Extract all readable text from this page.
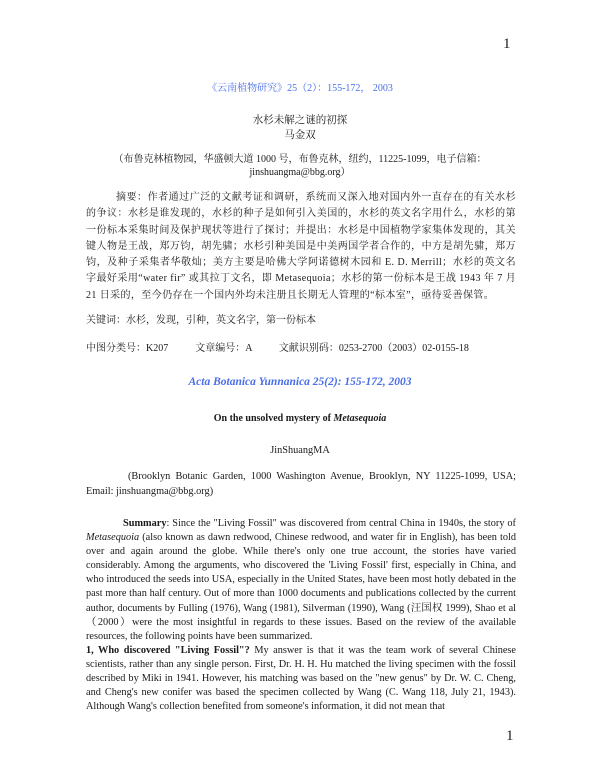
1
《云南植物研究》25（2）：155-172， 2003
水杉未解之谜的初探
马金双
（布鲁克林植物园，华盛顿大道 1000 号，布鲁克林，纽约，11225-1099，电子信箱：
jinshuangma@bbg.org）
摘要：作者通过广泛的文献考证和调研，系统而又深入地对国内外一直存在的有关水杉的争议：水杉是谁发现的，水杉的种子是如何引入美国的，水杉的英文名字用什么，水杉的第一份标本采集时间及保护现状等进行了探讨；并提出：水杉是中国植物学家集体发现的，其关键人物是王战，郑万钧，胡先骕；水杉引种美国是中美两国学者合作的，中方是胡先骕，郑万钧，及种子采集者华敬灿；美方主要是哈佛大学阿诺德树木园和 E. D. Merrill；水杉的英文名字最好采用“water fir” 或其拉丁文名，即 Metasequoia；水杉的第一份标本是王战 1943 年 7 月 21 日采的，至今仍存在一个国内外均未注册且长期无人管理的“标本室”，亟待妥善保管。
关键词：水杉，发现，引种，英文名字，第一份标本
中图分类号：K207	文章编号：A	文献识别码：0253-2700（2003）02-0155-18
Acta Botanica Yunnanica 25(2): 155-172, 2003
On the unsolved mystery of Metasequoia
JinShuangMA
(Brooklyn Botanic Garden, 1000 Washington Avenue, Brooklyn, NY 11225-1099, USA; Email: jinshuangma@bbg.org)
Summary: Since the "Living Fossil" was discovered from central China in 1940s, the story of Metasequoia (also known as dawn redwood, Chinese redwood, and water fir in English), has been told over and again around the globe. While there's only one true account, the stories have varied considerably. Among the arguments, who discovered the 'Living Fossil' first, especially in China, and who introduced the seeds into USA, especially in the United States, have been most hotly debated in the past more than half century. Out of more than 1000 documents and publications collected by the current author, documents by Fulling (1976), Wang (1981), Silverman (1990), Wang (汪国权 1999), Shao et al（2000）were the most insightful in regards to these issues. Based on the review of the available resources, the following points have been summarized.
1, Who discovered "Living Fossil"? My answer is that it was the team work of several Chinese scientists, rather than any single person. First, Dr. H. H. Hu matched the living specimen with the fossil described by Miki in 1941. However, his matching was based on the "new genus" by Dr. W. C. Cheng, and Cheng's new conifer was based the specimen collected by Wang (C. Wang 118, July 21, 1943). Although Wang's collection benefited from someone's information, it did not mean that
1
